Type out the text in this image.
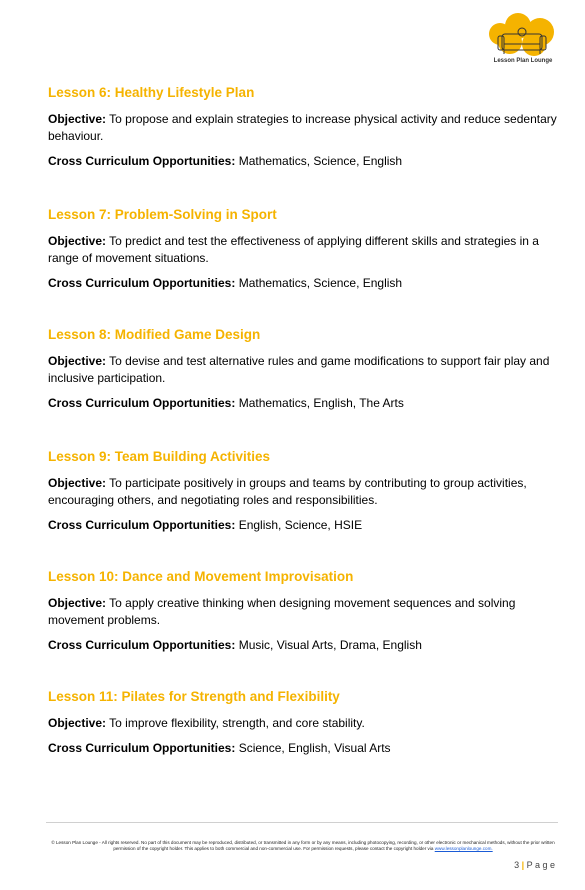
Lesson Plan Lounge
Lesson 6: Healthy Lifestyle Plan
Objective: To propose and explain strategies to increase physical activity and reduce sedentary behaviour.
Cross Curriculum Opportunities: Mathematics, Science, English
Lesson 7: Problem-Solving in Sport
Objective: To predict and test the effectiveness of applying different skills and strategies in a range of movement situations.
Cross Curriculum Opportunities: Mathematics, Science, English
Lesson 8: Modified Game Design
Objective: To devise and test alternative rules and game modifications to support fair play and inclusive participation.
Cross Curriculum Opportunities: Mathematics, English, The Arts
Lesson 9: Team Building Activities
Objective: To participate positively in groups and teams by contributing to group activities, encouraging others, and negotiating roles and responsibilities.
Cross Curriculum Opportunities: English, Science, HSIE
Lesson 10: Dance and Movement Improvisation
Objective: To apply creative thinking when designing movement sequences and solving movement problems.
Cross Curriculum Opportunities: Music, Visual Arts, Drama, English
Lesson 11: Pilates for Strength and Flexibility
Objective: To improve flexibility, strength, and core stability.
Cross Curriculum Opportunities: Science, English, Visual Arts
© Lesson Plan Lounge - All rights reserved. No part of this document may be reproduced, distributed, or transmitted in any form or by any means, including photocopying, recording, or other electronic or mechanical methods, without the prior written permission of the copyright holder. This applies to both commercial and non-commercial use. For permission requests, please contact the copyright holder via www.lessonplanlounge.com.
3 | P a g e
